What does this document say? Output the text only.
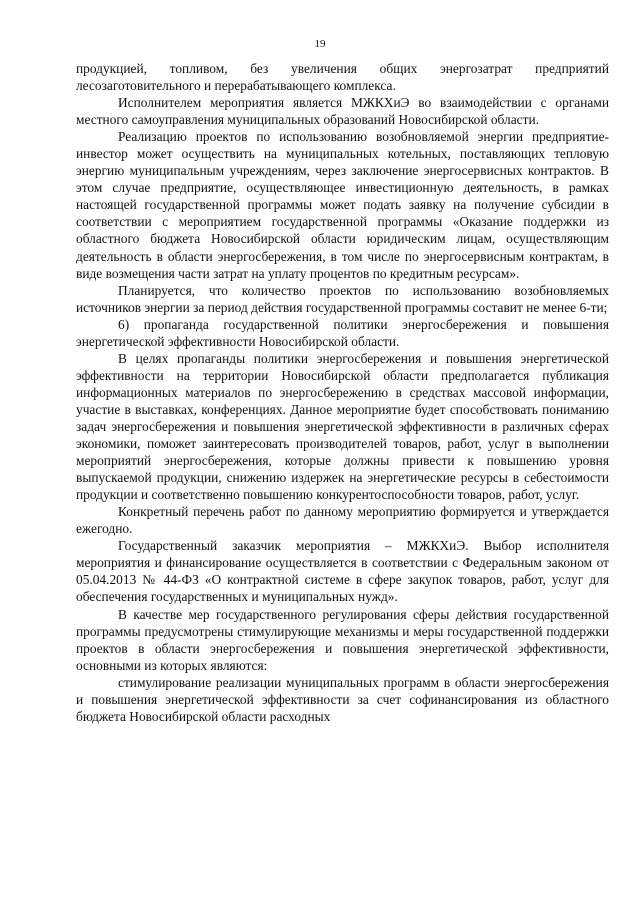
19

продукцией, топливом, без увеличения общих энергозатрат предприятий лесозаготовительного и перерабатывающего комплекса.

Исполнителем мероприятия является МЖКХиЭ во взаимодействии с органами местного самоуправления муниципальных образований Новосибирской области.

Реализацию проектов по использованию возобновляемой энергии предприятие-инвестор может осуществить на муниципальных котельных, поставляющих тепловую энергию муниципальным учреждениям, через заключение энергосервисных контрактов. В этом случае предприятие, осуществляющее инвестиционную деятельность, в рамках настоящей государственной программы может подать заявку на получение субсидии в соответствии с мероприятием государственной программы «Оказание поддержки из областного бюджета Новосибирской области юридическим лицам, осуществляющим деятельность в области энергосбережения, в том числе по энергосервисным контрактам, в виде возмещения части затрат на уплату процентов по кредитным ресурсам».

Планируется, что количество проектов по использованию возобновляемых источников энергии за период действия государственной программы составит не менее 6-ти;

6) пропаганда государственной политики энергосбережения и повышения энергетической эффективности Новосибирской области.

В целях пропаганды политики энергосбережения и повышения энергетической эффективности на территории Новосибирской области предполагается публикация информационных материалов по энергосбережению в средствах массовой информации, участие в выставках, конференциях. Данное мероприятие будет способствовать пониманию задач энергосбережения и повышения энергетической эффективности в различных сферах экономики, поможет заинтересовать производителей товаров, работ, услуг в выполнении мероприятий энергосбережения, которые должны привести к повышению уровня выпускаемой продукции, снижению издержек на энергетические ресурсы в себестоимости продукции и соответственно повышению конкурентоспособности товаров, работ, услуг.

Конкретный перечень работ по данному мероприятию формируется и утверждается ежегодно.

Государственный заказчик мероприятия – МЖКХиЭ. Выбор исполнителя мероприятия и финансирование осуществляется в соответствии с Федеральным законом от 05.04.2013 № 44-ФЗ «О контрактной системе в сфере закупок товаров, работ, услуг для обеспечения государственных и муниципальных нужд».

В качестве мер государственного регулирования сферы действия государственной программы предусмотрены стимулирующие механизмы и меры государственной поддержки проектов в области энергосбережения и повышения энергетической эффективности, основными из которых являются:

стимулирование реализации муниципальных программ в области энергосбережения и повышения энергетической эффективности за счет софинансирования из областного бюджета Новосибирской области расходных
